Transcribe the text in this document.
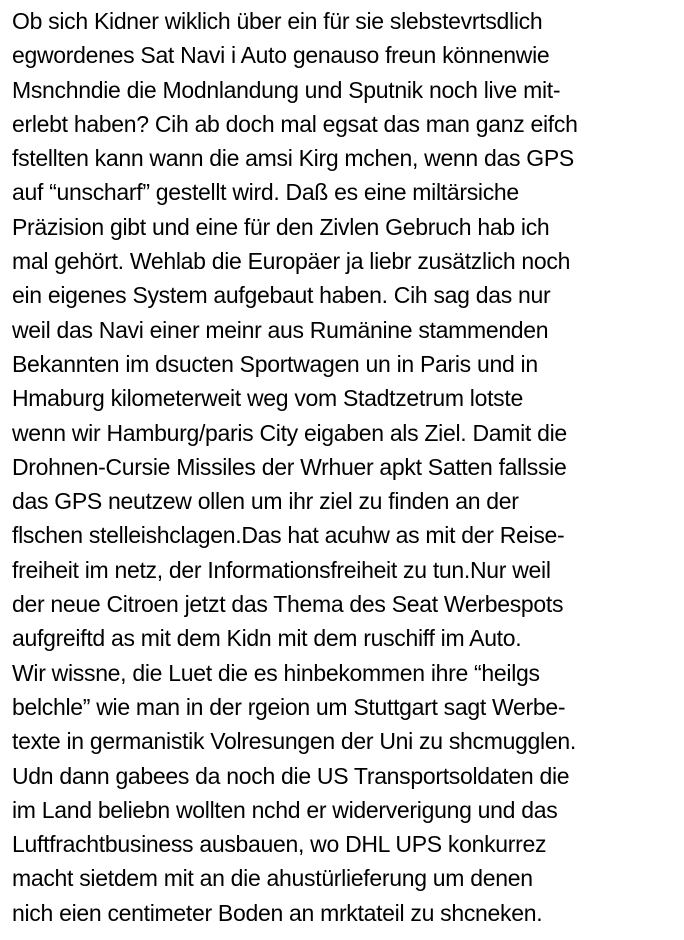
Ob sich Kidner wiklich über ein für sie slebstevrtsdlich
egwordenes Sat Navi i Auto genauso freun könnenwie
Msnchndie die Modnlandung und Sputnik noch live mit-
erlebt haben? Cih ab doch mal egsat das man ganz eifch
fstellten kann wann die amsi Kirg mchen, wenn das GPS
auf “unscharf” gestellt wird. Daß es eine miltärsiche
Präzision gibt und eine für den Zivlen Gebruch hab ich
mal gehört. Wehlab die Europäer ja liebr zusätzlich noch
ein eigenes System aufgebaut haben. Cih sag das nur
weil das Navi einer meinr aus Rumänine stammenden
Bekannten im dsucten Sportwagen un in Paris und in
Hmaburg kilometerweit weg vom Stadtzetrum lotste
wenn wir Hamburg/paris City eigaben als Ziel. Damit die
Drohnen-Cursie Missiles der Wrhuer apkt Satten fallssie
das GPS neutzew ollen um ihr ziel zu finden an der
flschen stelleishclagen.Das hat acuhw as mit der Reise-
freiheit im netz, der Informationsfreiheit zu tun.Nur weil
der neue Citroen jetzt das Thema des Seat Werbespots
aufgreiftd as mit dem Kidn mit dem ruschiff im Auto.
Wir wissne, die Luet die es hinbekommen ihre “heilgs
belchle” wie man in der rgeion um Stuttgart sagt Werbe-
texte in germanistik Volresungen der Uni zu shcmugglen.
Udn dann gabees da noch die US Transportsoldaten die
im Land beliebn wollten nchd er widerverigung und das
Luftfrachtbusiness ausbauen, wo DHL UPS konkurrez
macht sietdem mit an die ahustürlieferung um denen
nich eien centimeter Boden an mrktateil zu shcneken.
